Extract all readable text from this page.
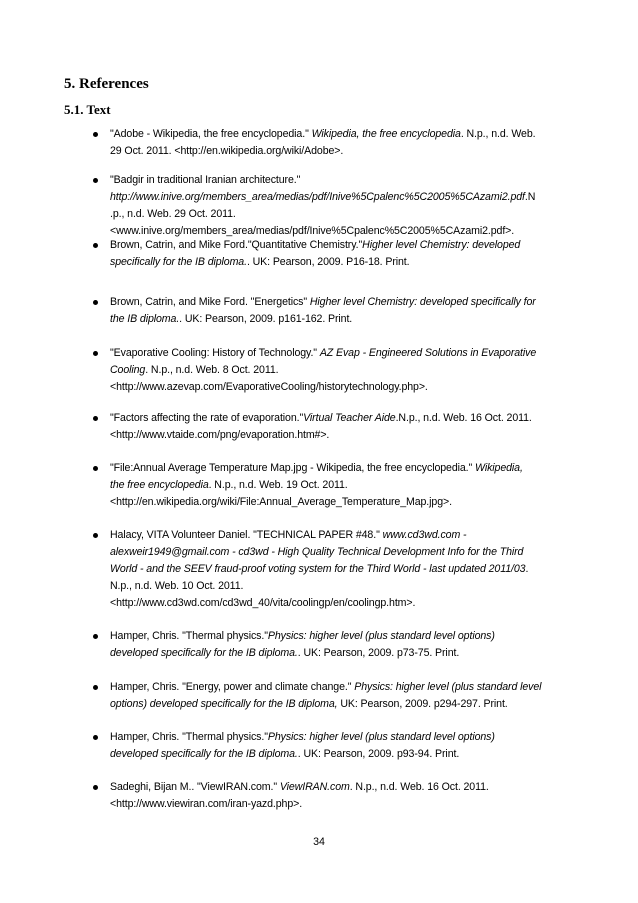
5. References
5.1. Text
"Adobe - Wikipedia, the free encyclopedia." Wikipedia, the free encyclopedia. N.p., n.d. Web.
29 Oct. 2011. <http://en.wikipedia.org/wiki/Adobe>.
"Badgir in traditional Iranian architecture."
http://www.inive.org/members_area/medias/pdf/Inive%5Cpalenc%5C2005%5CAzami2.pdf.N
.p., n.d. Web. 29 Oct. 2011.
<www.inive.org/members_area/medias/pdf/Inive%5Cpalenc%5C2005%5CAzami2.pdf>.
Brown, Catrin, and Mike Ford."Quantitative Chemistry."Higher level Chemistry: developed
specifically for the IB diploma.. UK: Pearson, 2009. P16-18. Print.
Brown, Catrin, and Mike Ford. "Energetics" Higher level Chemistry: developed specifically for
the IB diploma.. UK: Pearson, 2009. p161-162. Print.
"Evaporative Cooling: History of Technology." AZ Evap - Engineered Solutions in Evaporative
Cooling. N.p., n.d. Web. 8 Oct. 2011.
<http://www.azevap.com/EvaporativeCooling/historytechnology.php>.
"Factors affecting the rate of evaporation."Virtual Teacher Aide.N.p., n.d. Web. 16 Oct. 2011.
<http://www.vtaide.com/png/evaporation.htm#>.
"File:Annual Average Temperature Map.jpg - Wikipedia, the free encyclopedia." Wikipedia,
the free encyclopedia. N.p., n.d. Web. 19 Oct. 2011.
<http://en.wikipedia.org/wiki/File:Annual_Average_Temperature_Map.jpg>.
Halacy, VITA Volunteer Daniel. "TECHNICAL PAPER #48." www.cd3wd.com -
alexweir1949@gmail.com - cd3wd - High Quality Technical Development Info for the Third
World - and the SEEV fraud-proof voting system for the Third World - last updated 2011/03.
N.p., n.d. Web. 10 Oct. 2011.
<http://www.cd3wd.com/cd3wd_40/vita/coolingp/en/coolingp.htm>.
Hamper, Chris. "Thermal physics."Physics: higher level (plus standard level options)
developed specifically for the IB diploma.. UK: Pearson, 2009. p73-75. Print.
Hamper, Chris. "Energy, power and climate change." Physics: higher level (plus standard level
options) developed specifically for the IB diploma, UK: Pearson, 2009. p294-297. Print.
Hamper, Chris. "Thermal physics."Physics: higher level (plus standard level options)
developed specifically for the IB diploma.. UK: Pearson, 2009. p93-94. Print.
Sadeghi, Bijan M.. "ViewIRAN.com." ViewIRAN.com. N.p., n.d. Web. 16 Oct. 2011.
<http://www.viewiran.com/iran-yazd.php>.
34
